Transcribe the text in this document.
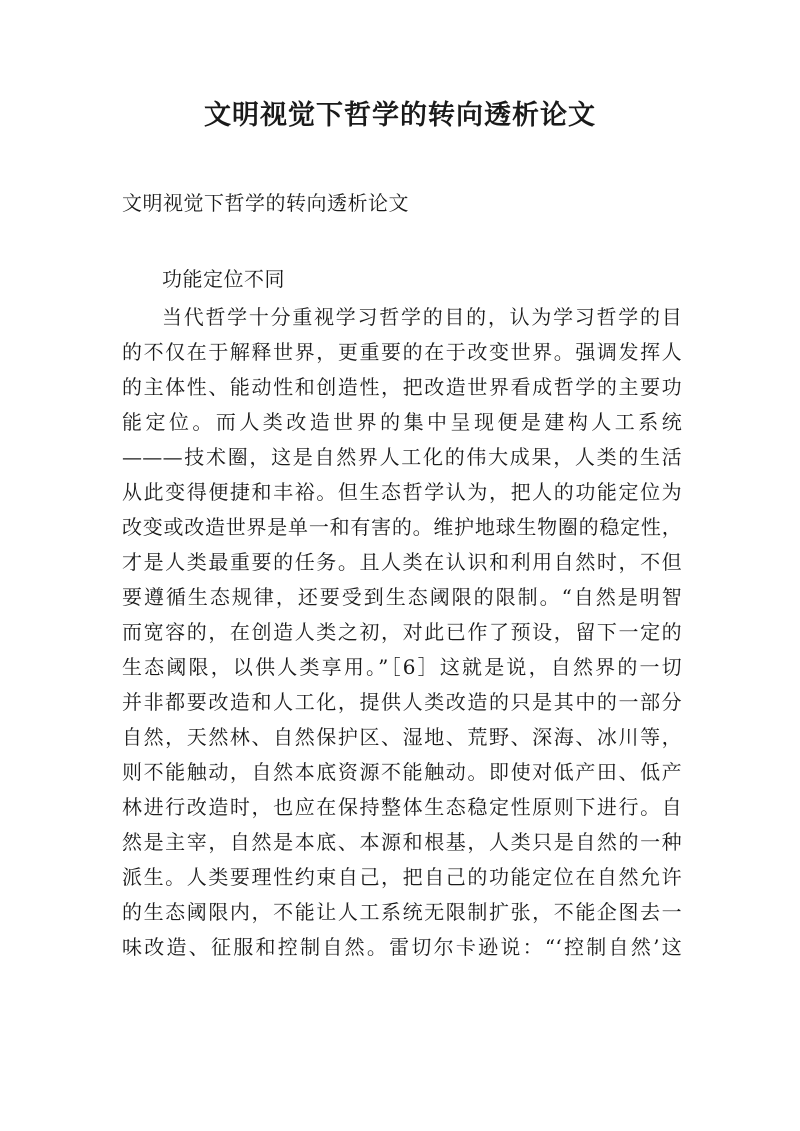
文明视觉下哲学的转向透析论文
文明视觉下哲学的转向透析论文
功能定位不同
当代哲学十分重视学习哲学的目的，认为学习哲学的目
的不仅在于解释世界，更重要的在于改变世界。强调发挥人
的主体性、能动性和创造性，把改造世界看成哲学的主要功
能定位。而人类改造世界的集中呈现便是建构人工系统
———技术圈，这是自然界人工化的伟大成果，人类的生活
从此变得便捷和丰裕。但生态哲学认为，把人的功能定位为
改变或改造世界是单一和有害的。维护地球生物圈的稳定性，
才是人类最重要的任务。且人类在认识和利用自然时，不但
要遵循生态规律，还要受到生态阈限的限制。“自然是明智
而宽容的，在创造人类之初，对此已作了预设，留下一定的
生态阈限，以供人类享用。”［6］这就是说，自然界的一切
并非都要改造和人工化，提供人类改造的只是其中的一部分
自然，天然林、自然保护区、湿地、荒野、深海、冰川等，
则不能触动，自然本底资源不能触动。即使对低产田、低产
林进行改造时，也应在保持整体生态稳定性原则下进行。自
然是主宰，自然是本底、本源和根基，人类只是自然的一种
派生。人类要理性约束自己，把自己的功能定位在自然允许
的生态阈限内，不能让人工系统无限制扩张，不能企图去一
味改造、征服和控制自然。雷切尔卡逊说：“‘控制自然’这
